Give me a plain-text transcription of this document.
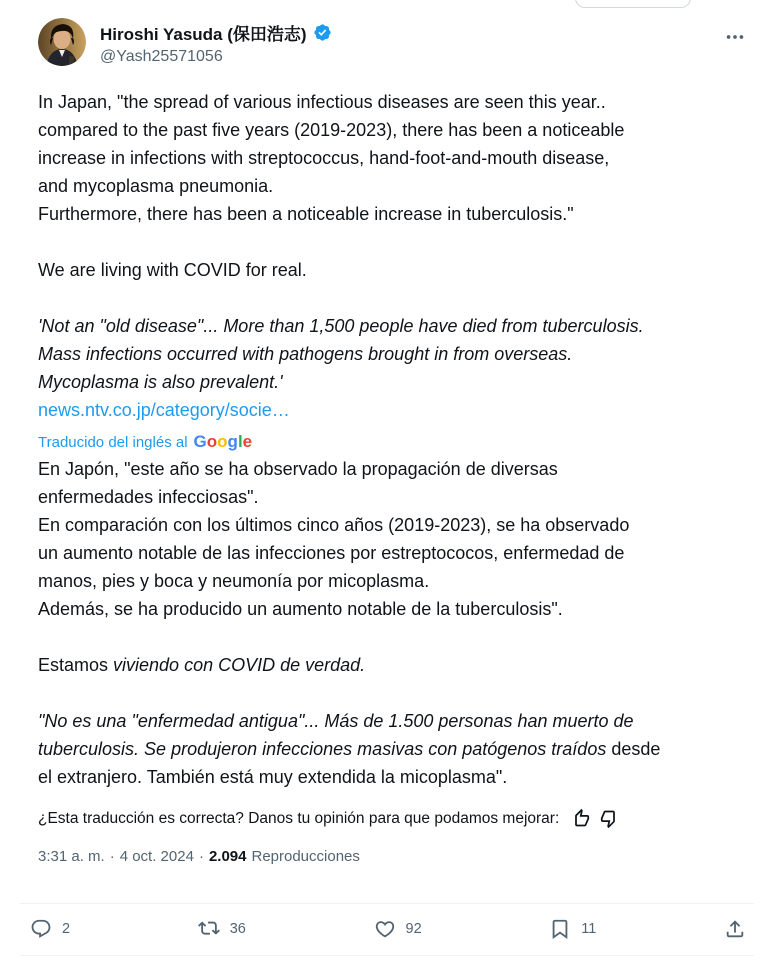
Hiroshi Yasuda (保田浩志)
@Yash25571056
In Japan, "the spread of various infectious diseases are seen this year..
compared to the past five years (2019-2023), there has been a noticeable
increase in infections with streptococcus, hand-foot-and-mouth disease,
and mycoplasma pneumonia.
Furthermore, there has been a noticeable increase in tuberculosis."
We are living with COVID for real.
'Not an "old disease"... More than 1,500 people have died from tuberculosis.
Mass infections occurred with pathogens brought in from overseas.
Mycoplasma is also prevalent.'
news.ntv.co.jp/category/socie…
Traducido del inglés al Google
En Japón, "este año se ha observado la propagación de diversas
enfermedades infecciosas".
En comparación con los últimos cinco años (2019-2023), se ha observado
un aumento notable de las infecciones por estreptococos, enfermedad de
manos, pies y boca y neumonía por micoplasma.
Además, se ha producido un aumento notable de la tuberculosis".
Estamos viviendo con COVID de verdad.
"No es una "enfermedad antigua"... Más de 1.500 personas han muerto de
tuberculosis. Se produjeron infecciones masivas con patógenos traídos desde
el extranjero. También está muy extendida la micoplasma".
¿Esta traducción es correcta? Danos tu opinión para que podamos mejorar:
3:31 a. m. · 4 oct. 2024 · 2.094 Reproducciones
2	36	92	11
